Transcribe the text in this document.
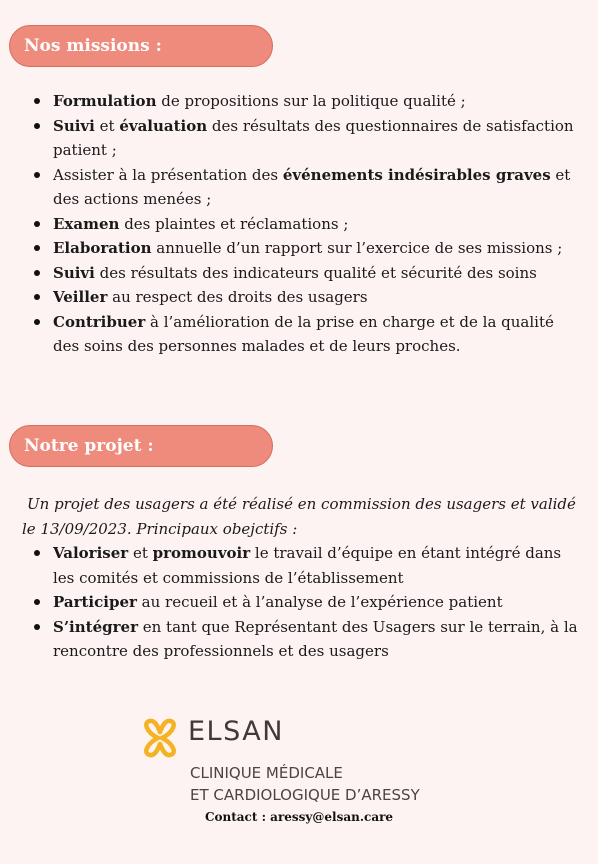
Nos missions :
Formulation de propositions sur la politique qualité ;
Suivi et évaluation des résultats des questionnaires de satisfaction patient ;
Assister à la présentation des événements indésirables graves et des actions menées ;
Examen des plaintes et réclamations ;
Elaboration annuelle d’un rapport sur l’exercice de ses missions ;
Suivi des résultats des indicateurs qualité et sécurité des soins
Veiller au respect des droits des usagers
Contribuer à l’amélioration de la prise en charge et de la qualité des soins des personnes malades et de leurs proches.
Notre projet :
Un projet des usagers a été réalisé en commission des usagers et validé le 13/09/2023. Principaux obejctifs :
Valoriser et promouvoir le travail d’équipe en étant intégré dans les comités et commissions de l’établissement
Participer au recueil et à l’analyse de l’expérience patient
S’intégrer en tant que Représentant des Usagers sur le terrain, à la rencontre des professionnels et des usagers
ELSAN
CLINIQUE MÉDICALE
ET CARDIOLOGIQUE D’ARESSY
Contact : aressy@elsan.care
